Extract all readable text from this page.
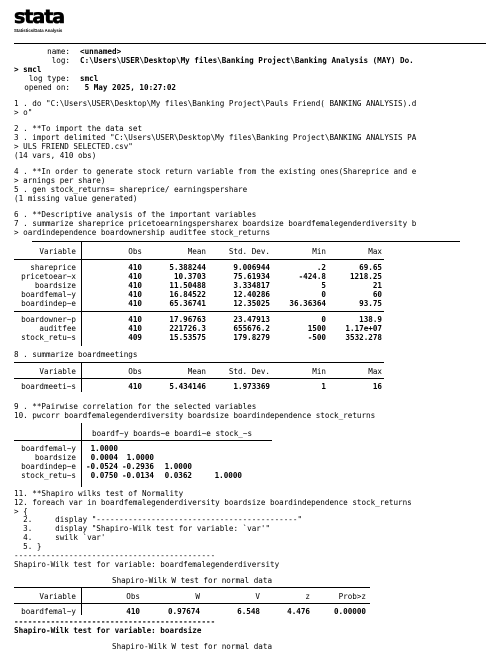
stata
Statistics/Data Analysis
name: <unnamed>
log: C:\Users\USER\Desktop\My files\Banking Project\Banking Analysis (MAY) Do.
> smcl
log type: smcl
opened on: 5 May 2025, 10:27:02
1 . do "C:\Users\USER\Desktop\My files\Banking Project\Pauls Friend( BANKING ANALYSIS).d
> o"
2 . **To import the data set
3 . import delimited "C:\Users\USER\Desktop\My files\Banking Project\BANKING ANALYSIS PA
> ULS FRIEND SELECTED.csv"
(14 vars, 410 obs)
4 . **In order to generate stock return variable from the existing ones(Shareprice and e
> arnings per share)
5 . gen stock_returns= shareprice/ earningspershare
(1 missing value generated)
6 . **Descriptive analysis of the important variables
7 . summarize shareprice pricetoearningspersharex boardsize boardfemalegenderdiversity b
> oardindependence boardownership auditfee stock_returns
Variable	Obs	Mean	Std. Dev.	Min	Max
shareprice	410	5.388244	9.006944	.2	69.65
pricetoear~x	410	10.3703	75.61934	-424.8	1218.25
boardsize	410	11.50488	3.334817	5	21
boardfemal~y	410	16.84522	12.40286	0	60
boardindep~e	410	65.36741	12.35025	36.36364	93.75
boardowner~p	410	17.96763	23.47913	0	138.9
auditfee	410	221726.3	655676.2	1500	1.17e+07
stock_retu~s	409	15.53575	179.8279	-500	3532.278
8 . summarize boardmeetings
Variable	Obs	Mean	Std. Dev.	Min	Max
boardmeeti~s	410	5.434146	1.973369	1	16
9 . **Pairwise correlation for the selected variables
10. pwcorr boardfemalegenderdiversity boardsize boardindependence stock_returns
boardf~y boards~e boardi~e stock_~s
boardfemal~y	1.0000
boardsize	0.0004	1.0000
boardindep~e	-0.0524 -0.2936	1.0000
stock_retu~s	0.0750 -0.0134	0.0362	1.0000
11. **Shapiro wilks test of Normality
12. foreach var in boardfemalegenderdiversity boardsize boardindependence stock_returns
> {
2.     display "--------------------------------------------"
3.     display "Shapiro-Wilk test for variable: `var'"
4.     swilk `var'
5. }
--------------------------------------------
Shapiro-Wilk test for variable: boardfemalegenderdiversity
Shapiro-Wilk W test for normal data
Variable	Obs	W	V	z	Prob>z
boardfemal~y	410	0.97674	6.548	4.476	0.00000
--------------------------------------------
Shapiro-Wilk test for variable: boardsize
Shapiro-Wilk W test for normal data
